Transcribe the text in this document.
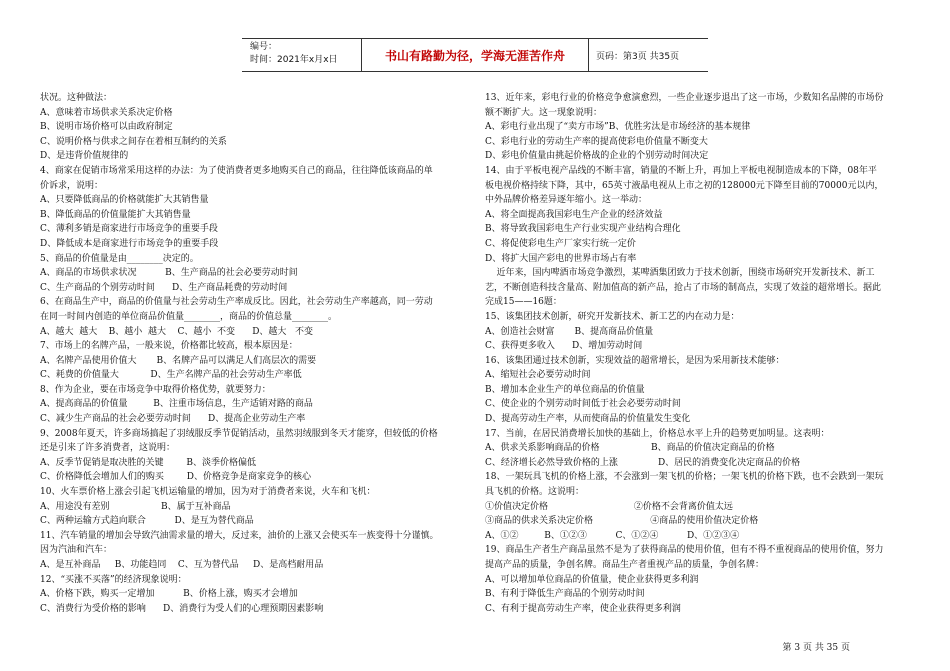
编号：
时间：2021年x月x日	书山有路勤为径，学海无涯苦作舟	页码：第3页 共35页
状况。这种做法：
A、意味着市场供求关系决定价格
B、说明市场价格可以由政府制定
C、说明价格与供求之间存在着相互制约的关系
D、是违背价值规律的
4、商家在促销市场常采用这样的办法：为了使消费者更多地购买自己的商品，往往降低该商品的单
价诉求，说明：
A、只要降低商品的价格就能扩大其销售量
B、降低商品的价值量能扩大其销售量
C、薄利多销是商家进行市场竞争的重要手段
D、降低成本是商家进行市场竞争的重要手段
5、商品的价值量是由________决定的。
A、商品的市场供求状况          B、生产商品的社会必要劳动时间
C、生产商品的个别劳动时间      D、生产商品耗费的劳动时间
6、在商品生产中，商品的价值量与社会劳动生产率成反比。因此，社会劳动生产率越高，同一劳动
在同一时间内创造的单位商品价值量________，商品的价值总量________。
A、越大  越大    B、越小  越大    C、越小  不变      D、越大   不变
7、市场上的名牌产品，一般来说，价格都比较高，根本原因是：
A、名牌产品使用价值大       B、名牌产品可以满足人们高层次的需要
C、耗费的价值量大           D、生产名牌产品的社会劳动生产率低
8、作为企业，要在市场竞争中取得价格优势，就要努力：
A、提高商品的价值量         B、注重市场信息，生产适销对路的商品
C、减少生产商品的社会必要劳动时间      D、提高企业劳动生产率
9、2008年夏天，许多商场搞起了羽绒服反季节促销活动，虽然羽绒服到冬天才能穿，但较低的价格
还是引来了许多消费者，这说明：
A、反季节促销是取决胜的关键        B、淡季价格偏低
C、价格降低会增加人们的购买        D、价格竞争是商家竞争的核心
10、火车票价格上涨会引起飞机运输量的增加，因为对于消费者来说，火车和飞机：
A、用途没有差别                  B、属于互补商品
C、两种运输方式趋向联合          D、是互为替代商品
11、汽车销量的增加会导致汽油需求量的增大，反过来，油价的上涨又会使买车一族变得十分谨慎。
因为汽油和汽车：
A、是互补商品     B、功能趋同    C、互为替代品     D、是高档耐用品
12、“买涨不买落”的经济现象说明：
A、价格下跌，购买一定增加          B、价格上涨，购买才会增加
C、消费行为受价格的影响      D、消费行为受人们的心理预期因素影响
13、近年来，彩电行业的价格竞争愈演愈烈，一些企业逐步退出了这一市场，少数知名品牌的市场份
额不断扩大。这一现象说明：
A、彩电行业出现了“卖方市场”B、优胜劣汰是市场经济的基本规律
C、彩电行业的劳动生产率的提高使彩电价值量不断变大
D、彩电价值量由挑起价格战的企业的个别劳动时间决定
14、由于平板电视产品线的不断丰富，销量的不断上升，再加上平板电视制造成本的下降，08年平
板电视价格持续下降，其中，65英寸液晶电视从上市之初的128000元下降至目前的70000元以内，
中外品牌价格差异逐年缩小。这一举动：
A、将全面提高我国彩电生产企业的经济效益
B、将导致我国彩电生产行业实现产业结构合理化
C、将促使彩电生产厂家实行统一定价
D、将扩大国产彩电的世界市场占有率
近年来，国内啤酒市场竞争激烈，某啤酒集团致力于技术创新，围绕市场研究开发新技术、新工
艺，不断创造科技含量高、附加值高的新产品，抢占了市场的制高点，实现了效益的超常增长。据此
完成15——16题：
15、该集团技术创新，研究开发新技术、新工艺的内在动力是：
A、创造社会财富       B、提高商品价值量
C、获得更多收入      D、增加劳动时间
16、该集团通过技术创新，实现效益的超常增长，是因为采用新技术能够：
A、缩短社会必要劳动时间
B、增加本企业生产的单位商品的价值量
C、使企业的个别劳动时间低于社会必要劳动时间
D、提高劳动生产率，从而使商品的价值量发生变化
17、当前，在居民消费增长加快的基础上，价格总水平上升的趋势更加明显。这表明：
A、供求关系影响商品的价格                  B、商品的价值决定商品的价格
C、经济增长必然导致价格的上涨              D、居民的消费变化决定商品的价格
18、一架玩具飞机的价格上涨，不会涨到一架飞机的价格；一架飞机的价格下跌，也不会跌到一架玩
具飞机的价格。这说明：
①价值决定价格                              ②价格不会背离价值太远
③商品的供求关系决定价格                    ④商品的使用价值决定价格
A、①②         B、①②③          C、①②④          D、①②③④
19、商品生产者生产商品虽然不是为了获得商品的使用价值，但有不得不重视商品的使用价值，努力
提高产品的质量，争创名牌。商品生产者重视产品的质量，争创名牌：
A、可以增加单位商品的价值量，使企业获得更多利润
B、有利于降低生产商品的个别劳动时间
C、有利于提高劳动生产率，使企业获得更多利润
第 3 页 共 35 页
